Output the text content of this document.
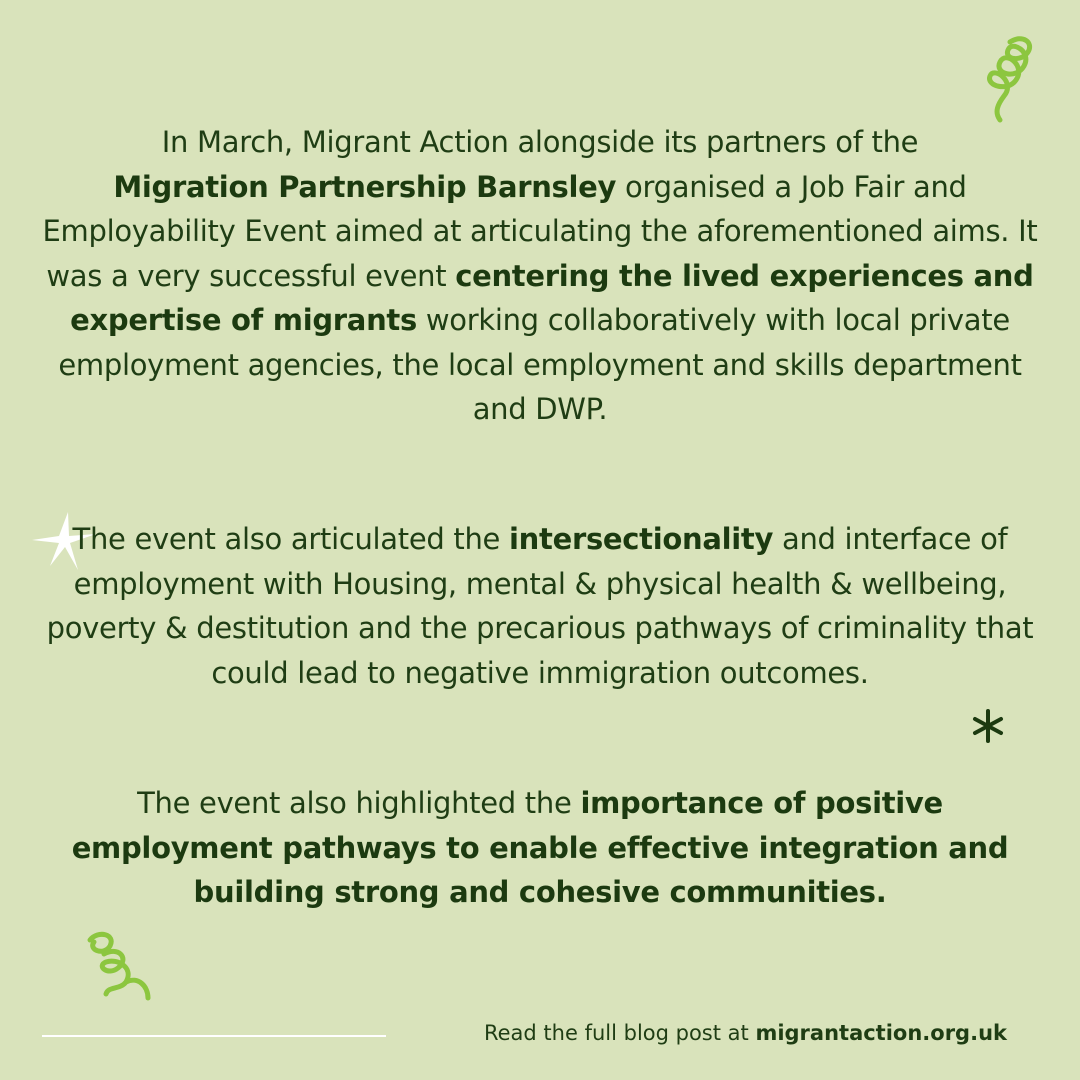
In March, Migrant Action alongside its partners of the
Migration Partnership Barnsley organised a Job Fair and Employability Event aimed at articulating the aforementioned aims. It was a very successful event centering the lived experiences and expertise of migrants working collaboratively with local private employment agencies, the local employment and skills department and DWP.
The event also articulated the intersectionality and interface of employment with Housing, mental & physical health & wellbeing, poverty & destitution and the precarious pathways of criminality that could lead to negative immigration outcomes.
The event also highlighted the importance of positive employment pathways to enable effective integration and building strong and cohesive communities.
Read the full blog post at migrantaction.org.uk
